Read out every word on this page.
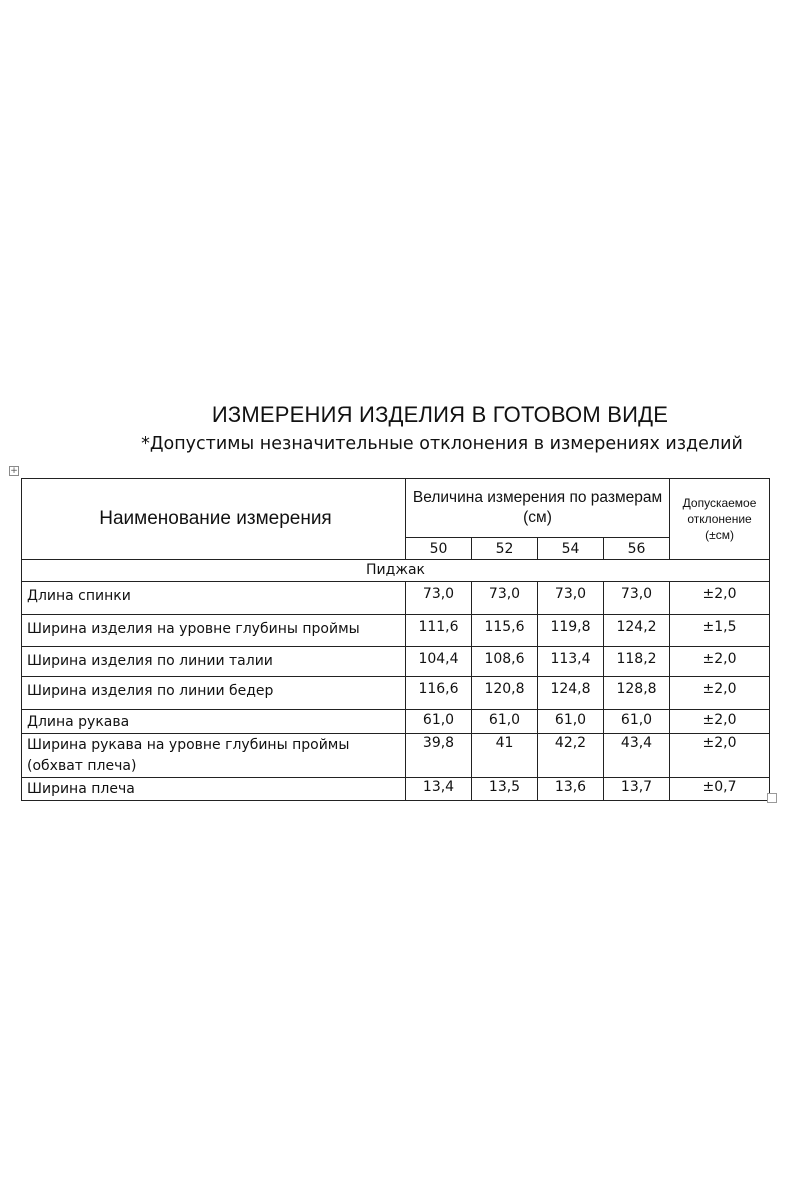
ИЗМЕРЕНИЯ ИЗДЕЛИЯ В ГОТОВОМ ВИДЕ
*Допустимы незначительные отклонения в измерениях изделий
+
Наименование измерения	Величина измерения по размерам (см)				Допускаемое отклонение (±см)

	50	52	54	56	
Пиджак					
Длина спинки	73,0	73,0	73,0	73,0	±2,0
Ширина изделия на уровне глубины проймы	111,6	115,6	119,8	124,2	±1,5
Ширина изделия по линии талии	104,4	108,6	113,4	118,2	±2,0
Ширина изделия по линии бедер	116,6	120,8	124,8	128,8	±2,0
Длина рукава	61,0	61,0	61,0	61,0	±2,0

Ширина рукава на уровне глубины проймы (обхват плеча)	39,8	41	42,2	43,4	±2,0
Ширина плеча	13,4	13,5	13,6	13,7	±0,7
